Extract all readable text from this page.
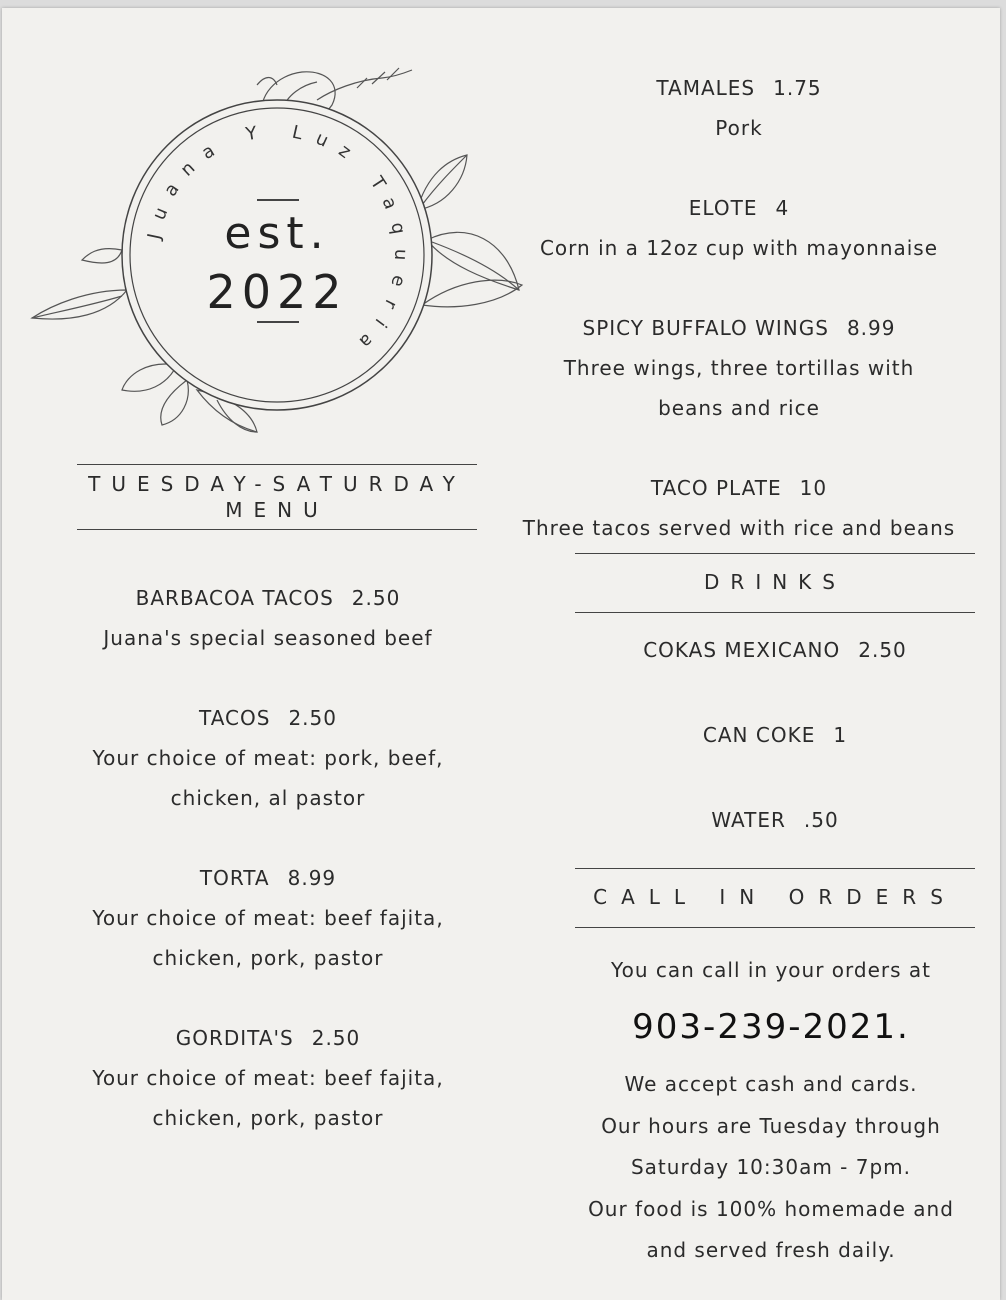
est.
2022
Juana Y Luz Taqueria
TUESDAY-SATURDAY MENU
BARBACOA TACOS 2.50
Juana's special seasoned beef
TACOS 2.50
Your choice of meat: pork, beef, chicken, al pastor
TORTA 8.99
Your choice of meat: beef fajita, chicken, pork, pastor
GORDITA'S 2.50
Your choice of meat: beef fajita, chicken, pork, pastor
TAMALES 1.75
Pork
ELOTE 4
Corn in a 12oz cup with mayonnaise
SPICY BUFFALO WINGS 8.99
Three wings, three tortillas with beans and rice
TACO PLATE 10
Three tacos served with rice and beans
DRINKS
COKAS MEXICANO 2.50
CAN COKE 1
WATER .50
CALL IN ORDERS
You can call in your orders at
903-239-2021.
We accept cash and cards.
Our hours are Tuesday through
Saturday 10:30am - 7pm.
Our food is 100% homemade and
and served fresh daily.
